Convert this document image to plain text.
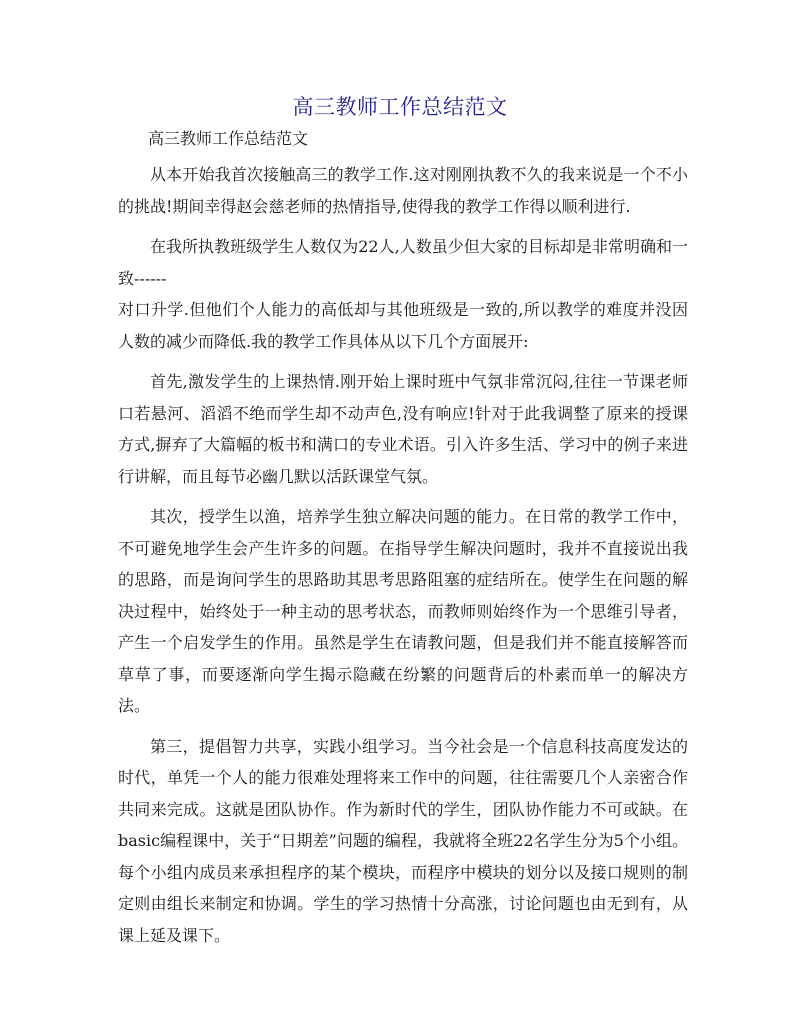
高三教师工作总结范文
高三教师工作总结范文

从本开始我首次接触高三的教学工作.这对刚刚执教不久的我来说是一个不小的挑战!期间幸得赵会慈老师的热情指导,使得我的教学工作得以顺利进行.

在我所执教班级学生人数仅为22人,人数虽少但大家的目标却是非常明确和一致------

对口升学.但他们个人能力的高低却与其他班级是一致的,所以教学的难度并没因人数的减少而降低.我的教学工作具体从以下几个方面展开:

首先,激发学生的上课热情.刚开始上课时班中气氛非常沉闷,往往一节课老师口若悬河、滔滔不绝而学生却不动声色,没有响应!针对于此我调整了原来的授课方式,摒弃了大篇幅的板书和满口的专业术语。引入许多生活、学习中的例子来进行讲解，而且每节必幽几默以活跃课堂气氛。

其次，授学生以渔，培养学生独立解决问题的能力。在日常的教学工作中，不可避免地学生会产生许多的问题。在指导学生解决问题时，我并不直接说出我的思路，而是询问学生的思路助其思考思路阻塞的症结所在。使学生在问题的解决过程中，始终处于一种主动的思考状态，而教师则始终作为一个思维引导者，产生一个启发学生的作用。虽然是学生在请教问题，但是我们并不能直接解答而草草了事，而要逐渐向学生揭示隐藏在纷繁的问题背后的朴素而单一的解决方法。

第三，提倡智力共享，实践小组学习。当今社会是一个信息科技高度发达的时代，单凭一个人的能力很难处理将来工作中的问题，往往需要几个人亲密合作共同来完成。这就是团队协作。作为新时代的学生，团队协作能力不可或缺。在basic编程课中，关于“日期差”问题的编程，我就将全班22名学生分为5个小组。每个小组内成员来承担程序的某个模块，而程序中模块的划分以及接口规则的制定则由组长来制定和协调。学生的学习热情十分高涨，讨论问题也由无到有，从课上延及课下。
